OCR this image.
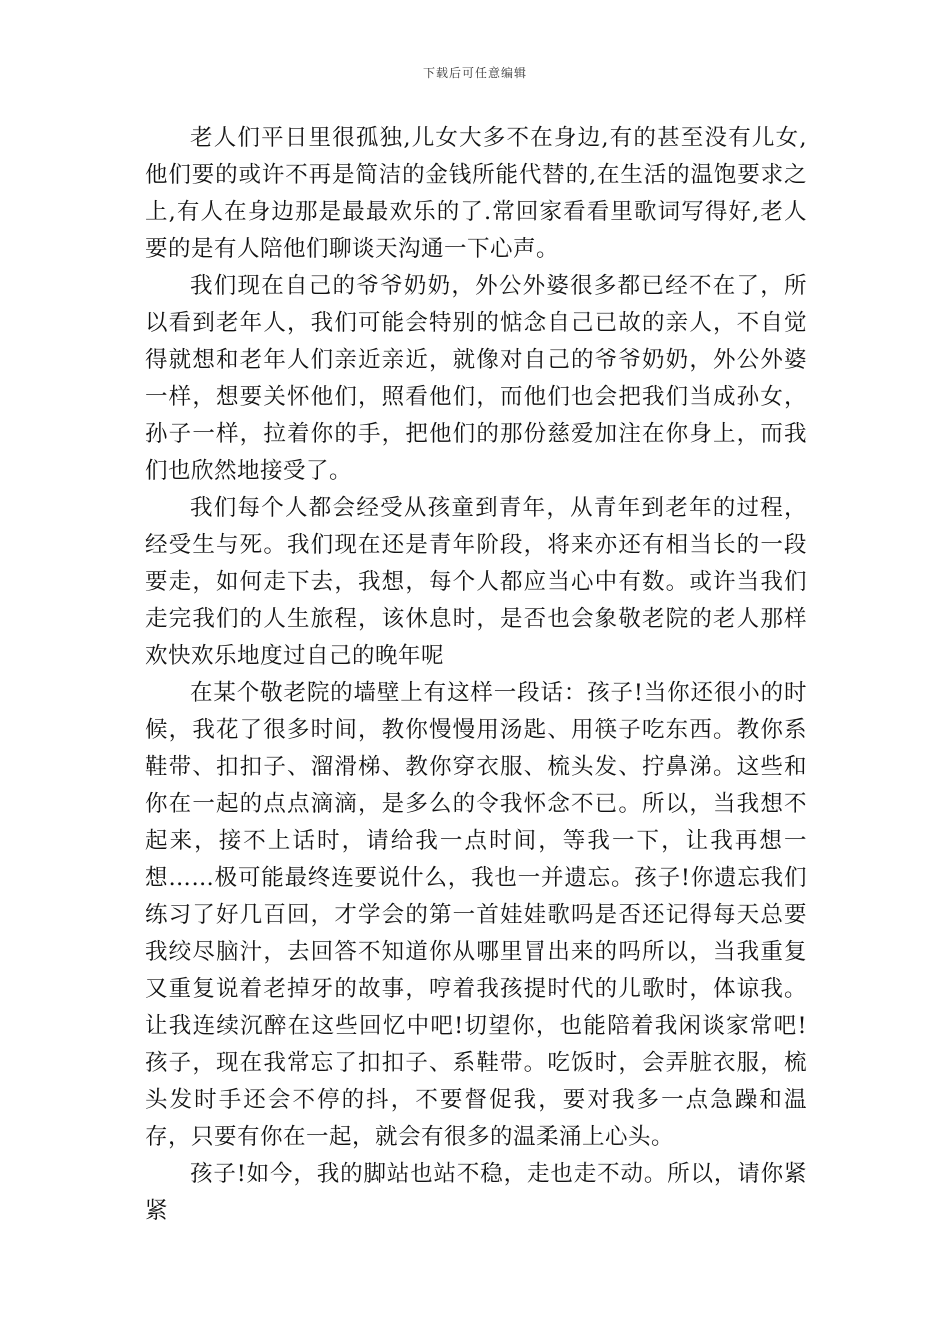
下载后可任意编辑

老人们平日里很孤独,儿女大多不在身边,有的甚至没有儿女,他们要的或许不再是简洁的金钱所能代替的,在生活的温饱要求之上,有人在身边那是最最欢乐的了.常回家看看里歌词写得好,老人要的是有人陪他们聊谈天沟通一下心声。

我们现在自己的爷爷奶奶，外公外婆很多都已经不在了，所以看到老年人，我们可能会特别的惦念自己已故的亲人，不自觉得就想和老年人们亲近亲近，就像对自己的爷爷奶奶，外公外婆一样，想要关怀他们，照看他们，而他们也会把我们当成孙女，孙子一样，拉着你的手，把他们的那份慈爱加注在你身上，而我们也欣然地接受了。

我们每个人都会经受从孩童到青年，从青年到老年的过程，经受生与死。我们现在还是青年阶段，将来亦还有相当长的一段要走，如何走下去，我想，每个人都应当心中有数。或许当我们走完我们的人生旅程，该休息时，是否也会象敬老院的老人那样欢快欢乐地度过自己的晚年呢

在某个敬老院的墙壁上有这样一段话：孩子!当你还很小的时候，我花了很多时间，教你慢慢用汤匙、用筷子吃东西。教你系鞋带、扣扣子、溜滑梯、教你穿衣服、梳头发、拧鼻涕。这些和你在一起的点点滴滴，是多么的令我怀念不已。所以，当我想不起来，接不上话时，请给我一点时间，等我一下，让我再想一想……极可能最终连要说什么，我也一并遗忘。孩子!你遗忘我们练习了好几百回，才学会的第一首娃娃歌吗是否还记得每天总要我绞尽脑汁，去回答不知道你从哪里冒出来的吗所以，当我重复又重复说着老掉牙的故事，哼着我孩提时代的儿歌时，体谅我。让我连续沉醉在这些回忆中吧!切望你，也能陪着我闲谈家常吧!孩子，现在我常忘了扣扣子、系鞋带。吃饭时，会弄脏衣服，梳头发时手还会不停的抖，不要督促我，要对我多一点急躁和温存，只要有你在一起，就会有很多的温柔涌上心头。

孩子!如今，我的脚站也站不稳，走也走不动。所以，请你紧紧
